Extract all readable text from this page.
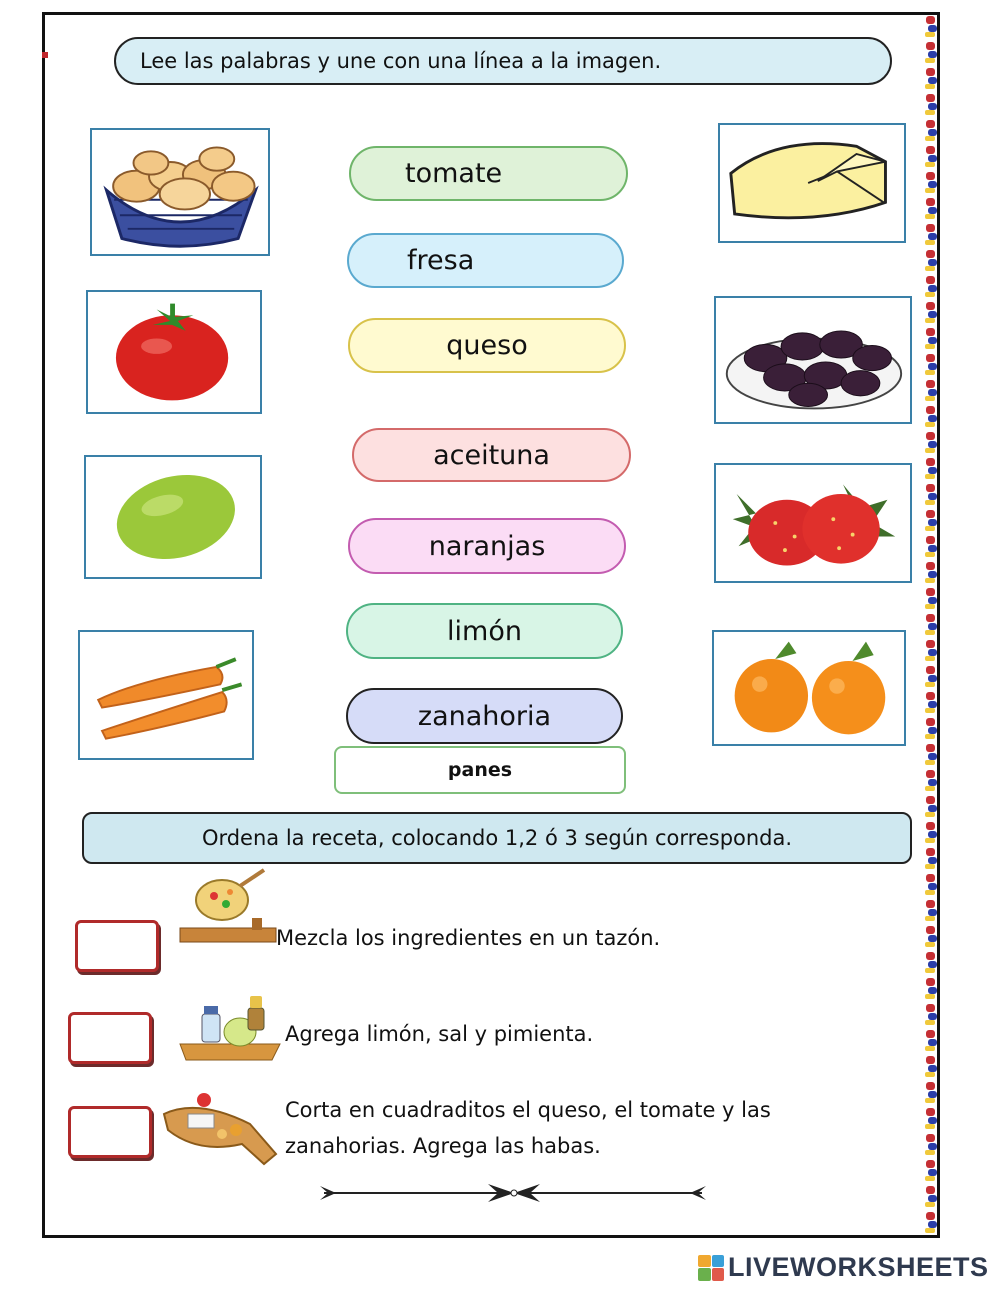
Lee las palabras y une con una línea a la imagen.
tomate
fresa
queso
aceituna
naranjas
limón
zanahoria
panes
Ordena la receta, colocando 1,2 ó 3 según corresponda.
Mezcla los ingredientes en un tazón.
Agrega limón, sal y pimienta.
Corta en cuadraditos el queso, el tomate y las
zanahorias. Agrega las habas.
LIVEWORKSHEETS
